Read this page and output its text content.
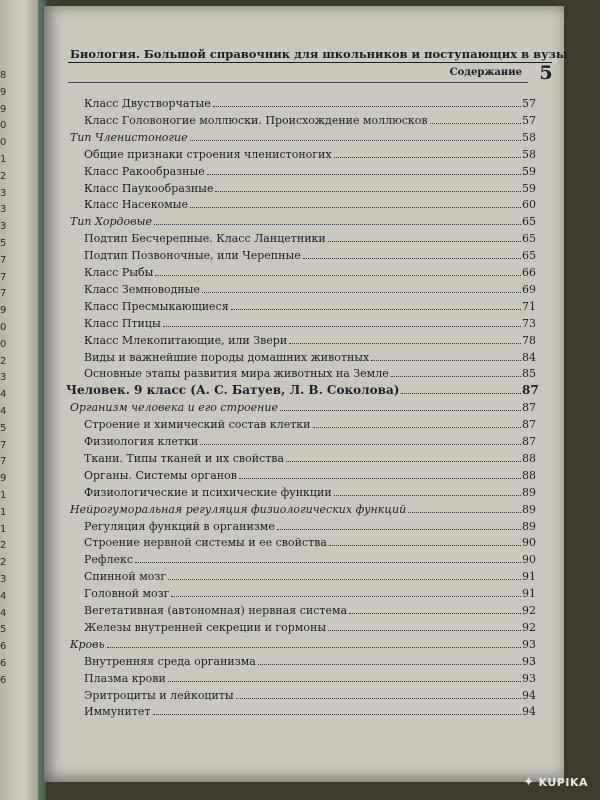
8
9
9
0
0
1
2
3
3
3
5
7
7
7
9
0
0
2
3
4
4
5
7
7
9
1
1
1
2
2
3
4
4
5
6
6
6
Биология. Большой справочник для школьников и поступающих в вузы
Содержание 5
Класс Двустворчатые	57
Класс Головоногие моллюски. Происхождение моллюсков	57
Тип Членистоногие	58
Общие признаки строения членистоногих	58
Класс Ракообразные	59
Класс Паукообразные	59
Класс Насекомые	60
Тип Хордовые	65
Подтип Бесчерепные. Класс Ланцетники	65
Подтип Позвоночные, или Черепные	65
Класс Рыбы	66
Класс Земноводные	69
Класс Пресмыкающиеся	71
Класс Птицы	73
Класс Млекопитающие, или Звери	78
Виды и важнейшие породы домашних животных	84
Основные этапы развития мира животных на Земле	85
Человек. 9 класс (А. С. Батуев, Л. В. Соколова)	87
Организм человека и его строение	87
Строение и химический состав клетки	87
Физиология клетки	87
Ткани. Типы тканей и их свойства	88
Органы. Системы органов	88
Физиологические и психические функции	89
Нейрогуморальная регуляция физиологических функций	89
Регуляция функций в организме	89
Строение нервной системы и ее свойства	90
Рефлекс	90
Спинной мозг	91
Головной мозг	91
Вегетативная (автономная) нервная система	92
Железы внутренней секреции и гормоны	92
Кровь	93
Внутренняя среда организма	93
Плазма крови	93
Эритроциты и лейкоциты	94
Иммунитет	94
✦ KUPIKA
